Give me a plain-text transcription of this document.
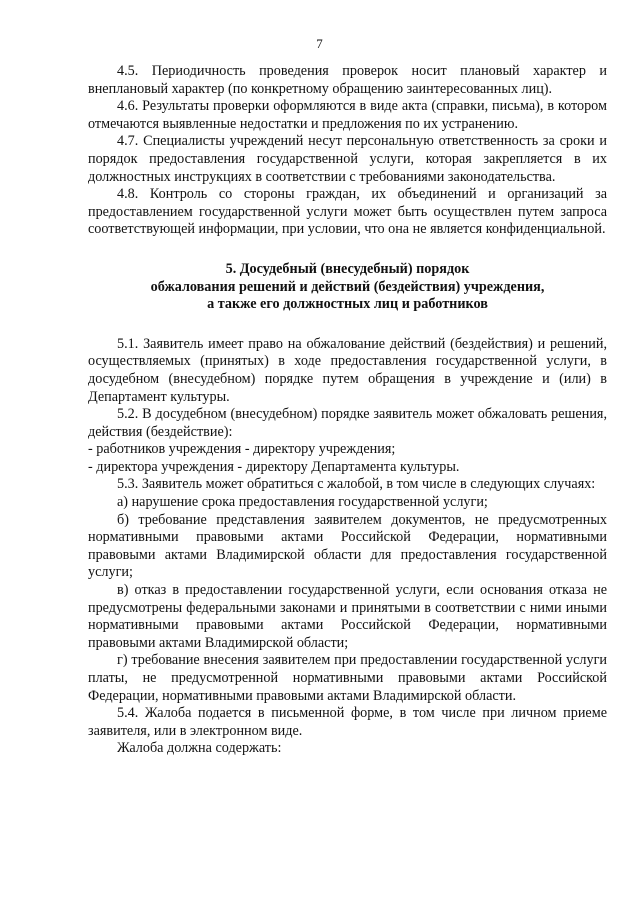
7

4.5. Периодичность проведения проверок носит плановый характер и внеплановый характер (по конкретному обращению заинтересованных лиц).

4.6. Результаты проверки оформляются в виде акта (справки, письма), в котором отмечаются выявленные недостатки и предложения по их устранению.

4.7. Специалисты учреждений несут персональную ответственность за сроки и порядок предоставления государственной услуги, которая закрепляется в их должностных инструкциях в соответствии с требованиями законодательства.

4.8. Контроль со стороны граждан, их объединений и организаций за предоставлением государственной услуги может быть осуществлен путем запроса соответствующей информации, при условии, что она не является конфиденциальной.

5. Досудебный (внесудебный) порядок
обжалования решений и действий (бездействия) учреждения,
а также его должностных лиц и работников

5.1. Заявитель имеет право на обжалование действий (бездействия) и решений, осуществляемых (принятых) в ходе предоставления государственной услуги, в досудебном (внесудебном) порядке путем обращения в учреждение и (или) в Департамент культуры.

5.2. В досудебном (внесудебном) порядке заявитель может обжаловать решения, действия (бездействие):

- работников учреждения - директору учреждения;

- директора учреждения - директору Департамента культуры.

5.3. Заявитель может обратиться с жалобой, в том числе в следующих случаях:

а) нарушение срока предоставления государственной услуги;

б) требование представления заявителем документов, не предусмотренных нормативными правовыми актами Российской Федерации, нормативными правовыми актами Владимирской области для предоставления государственной услуги;

в) отказ в предоставлении государственной услуги, если основания отказа не предусмотрены федеральными законами и принятыми в соответствии с ними иными нормативными правовыми актами Российской Федерации, нормативными правовыми актами Владимирской области;

г) требование внесения заявителем при предоставлении государственной услуги платы, не предусмотренной нормативными правовыми актами Российской Федерации, нормативными правовыми актами Владимирской области.

5.4. Жалоба подается в письменной форме, в том числе при личном приеме заявителя, или в электронном виде.

Жалоба должна содержать:
